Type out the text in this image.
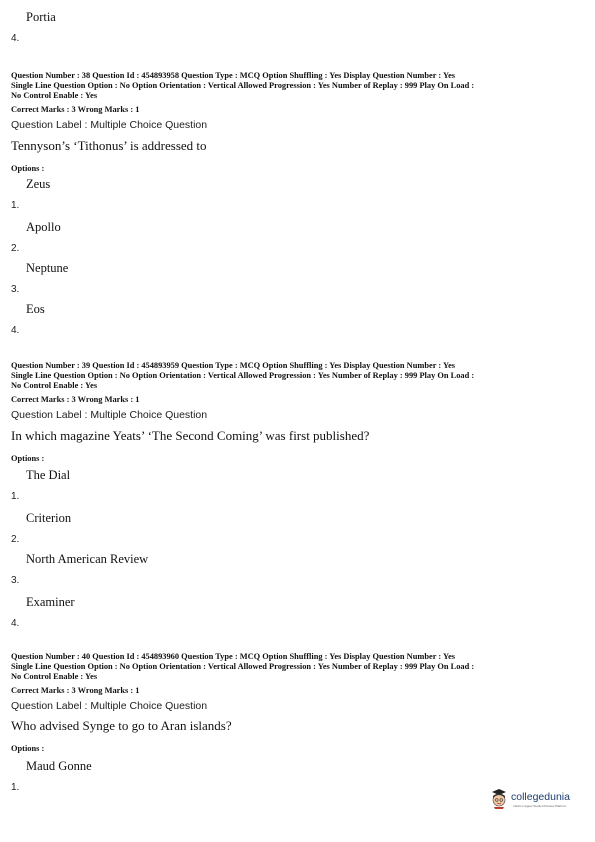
Portia
4.
Question Number : 38 Question Id : 454893958 Question Type : MCQ Option Shuffling : Yes Display Question Number : Yes
Single Line Question Option : No Option Orientation : Vertical Allowed Progression : Yes Number of Replay : 999 Play On Load :
No Control Enable : Yes
Correct Marks : 3 Wrong Marks : 1
Question Label : Multiple Choice Question
Tennyson’s ‘Tithonus’ is addressed to
Options :
Zeus
1.
Apollo
2.
Neptune
3.
Eos
4.
Question Number : 39 Question Id : 454893959 Question Type : MCQ Option Shuffling : Yes Display Question Number : Yes
Single Line Question Option : No Option Orientation : Vertical Allowed Progression : Yes Number of Replay : 999 Play On Load :
No Control Enable : Yes
Correct Marks : 3 Wrong Marks : 1
Question Label : Multiple Choice Question
In which magazine Yeats’ ‘The Second Coming’ was first published?
Options :
The Dial
1.
Criterion
2.
North American Review
3.
Examiner
4.
Question Number : 40 Question Id : 454893960 Question Type : MCQ Option Shuffling : Yes Display Question Number : Yes
Single Line Question Option : No Option Orientation : Vertical Allowed Progression : Yes Number of Replay : 999 Play On Load :
No Control Enable : Yes
Correct Marks : 3 Wrong Marks : 1
Question Label : Multiple Choice Question
Who advised Synge to go to Aran islands?
Options :
Maud Gonne
1.
collegedunia
India's Largest Student Review Platform
